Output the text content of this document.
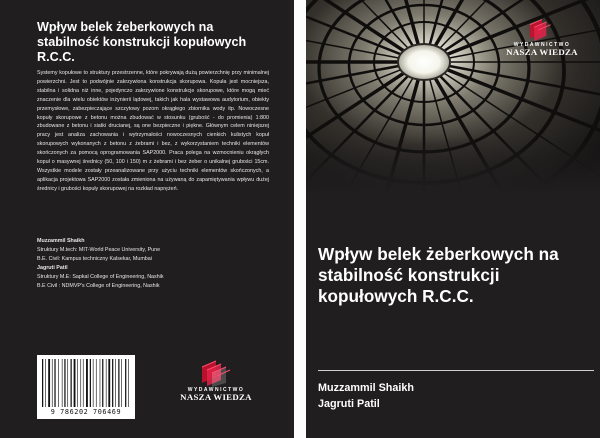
Wpływ belek żeberkowych na stabilność konstrukcji kopułowych R.C.C.
Systemy kopułowe to struktury przestrzenne, które pokrywają dużą powierzchnię przy minimalnej powierzchni. Jest to podwójnie zakrzywiona konstrukcja skorupowa. Kopuła jest mocniejsza, stabilna i solidna niż inne, pojedynczo zakrzywione konstrukcje skorupowe, które mogą mieć znaczenie dla wielu obiektów inżynierii lądowej, takich jak hala wystawowa audytorium, obiekty przemysłowe, zabezpieczające szczytowy pozom okrągłego zbiornika wody itp. Nowoczesne kopuły skorupowe z betonu można zbudować w stosunku (grubość - do promienia) 1:800 zbudowane z betonu i siatki drucianej, są one bezpieczne i piękne. Głównym celem niniejszej pracy jest analiza zachowania i wytrzymałości nowoczesnych cienkich kulistych kopuł skorupowych wykonanych z betonu z żebrami i bez, z wykorzystaniem techniki elementów skończonych za pomocą oprogramowania SAP2000. Praca polega na wzmocnieniu okrągłych kopuł o masywnej średnicy (50, 100 i 150) m z żebrami i bez żeber o unikalnej grubości 15cm. Wszystkie modele zostały przeanalizowane przy użyciu techniki elementów skończonych, a aplikacja projektowa SAP2000 została zmieniona na używaną do zapamiętywania wpływu dużej średnicy i grubości kopuły skorupowej na rozkład naprężeń.
Muzzammil Shaikh
Struktury M.tech: MIT-World Peace University, Pune
B.E. Civil: Kampus techniczny Kalsekar, Mumbai
Jagruti Patil
Struktury M.E: Sapkal College of Engineering, Nashik
B.E Civil : NDMVP's College of Engineering, Nashik
9 786202 706469
WYDAWNICTWO
NASZA WIEDZA
WYDAWNICTWO
NASZA WIEDZA
Wpływ belek żeberkowych na stabilność konstrukcji kopułowych R.C.C.
Muzzammil Shaikh
Jagruti Patil
